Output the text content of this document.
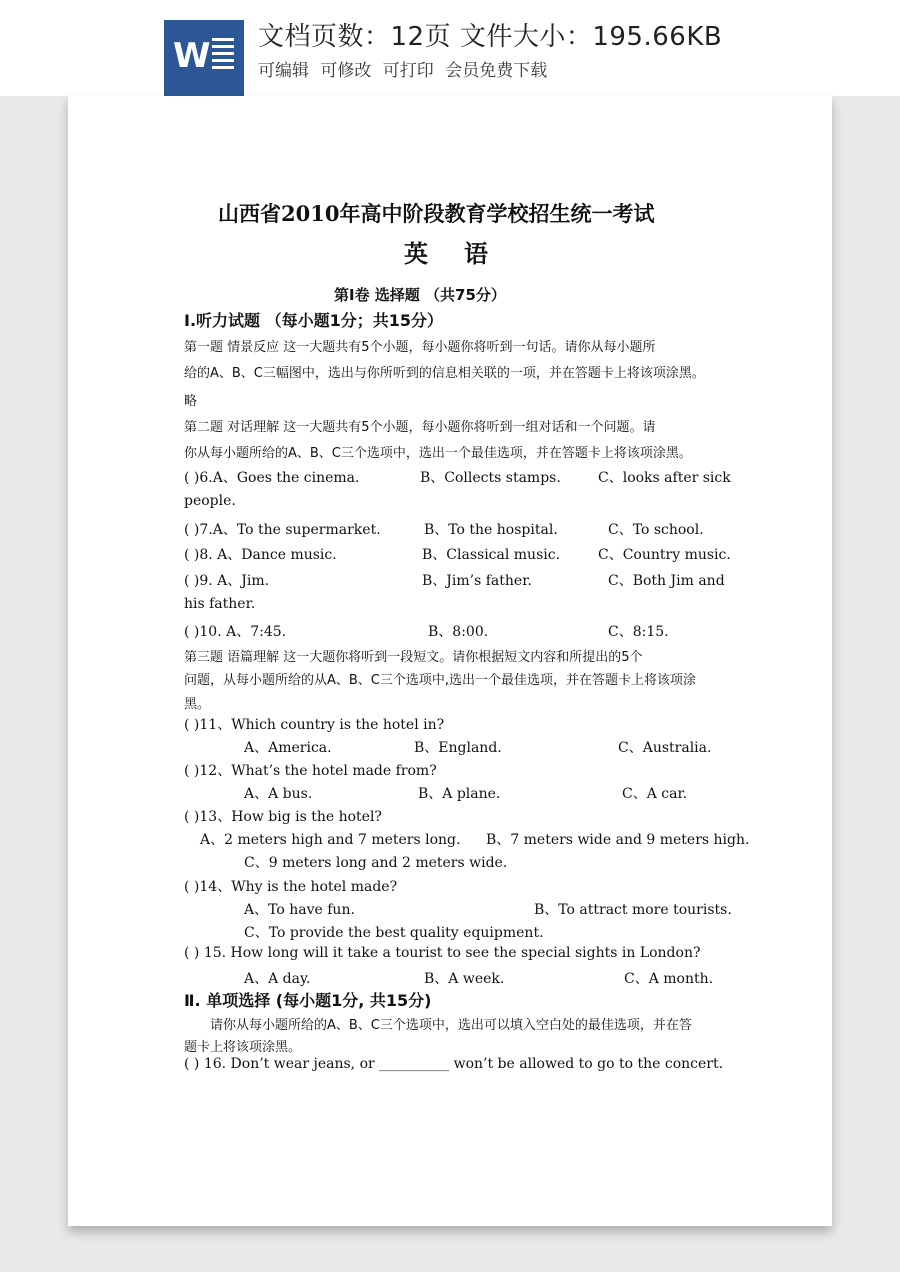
W 文档页数：12页 文件大小：195.66KB
可编辑 可修改 可打印 会员免费下载
山西省2010年高中阶段教育学校招生统一考试
英语
第Ⅰ卷 选择题 （共75分）
Ⅰ.听力试题 （每小题1分；共15分）
第一题 情景反应 这一大题共有5个小题，每小题你将听到一句话。请你从每小题所
给的A、B、C三幅图中，选出与你所听到的信息相关联的一项，并在答题卡上将该项涂黑。
略
第二题 对话理解 这一大题共有5个小题，每小题你将听到一组对话和一个问题。请
你从每小题所给的A、B、C三个选项中，选出一个最佳选项，并在答题卡上将该项涂黑。
( )6.A、Goes the cinema.	B、Collects stamps.	C、looks after sick
people.
( )7.A、To the supermarket.	B、To the hospital.	C、To school.
( )8. A、Dance music.	B、Classical music.	C、Country music.
( )9. A、Jim.	B、Jim’s father.	C、Both Jim and
his father.
( )10. A、7:45.	B、8:00.	C、8:15.
第三题 语篇理解 这一大题你将听到一段短文。请你根据短文内容和所提出的5个
问题，从每小题所给的从A、B、C三个选项中,选出一个最佳选项，并在答题卡上将该项涂
黑。
( )11、Which country is the hotel in?
A、America.	B、England.	C、Australia.
( )12、What’s the hotel made from?
A、A bus.	B、A plane.	C、A car.
( )13、How big is the hotel?
A、2 meters high and 7 meters long. B、7 meters wide and 9 meters high.
C、9 meters long and 2 meters wide.
( )14、Why is the hotel made?
A、To have fun.	B、To attract more tourists.
C、To provide the best quality equipment.
( ) 15. How long will it take a tourist to see the special sights in London?
A、A day.	B、A week.	C、A month.
Ⅱ. 单项选择 (每小题1分, 共15分)
请你从每小题所给的A、B、C三个选项中，选出可以填入空白处的最佳选项，并在答
题卡上将该项涂黑。
( ) 16. Don’t wear jeans, or __________ won’t be allowed to go to the concert.
